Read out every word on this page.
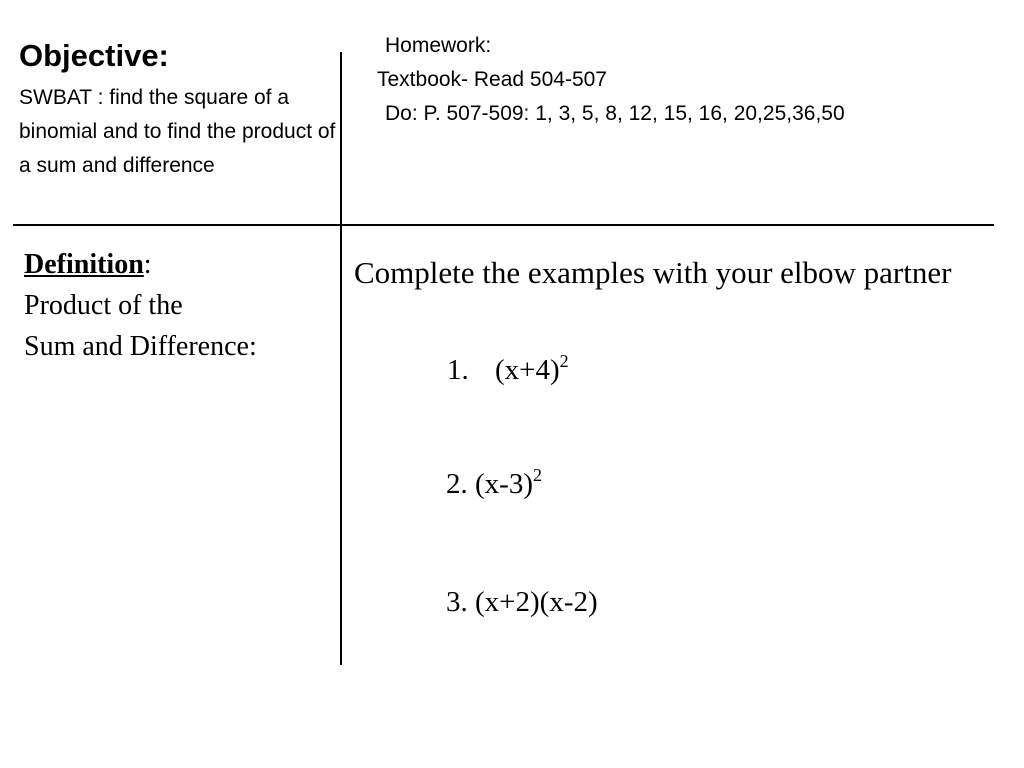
Objective:
SWBAT : find the square of a binomial and to find the product of a sum and difference
Homework:
Textbook- Read 504-507
Do: P. 507-509: 1, 3, 5, 8, 12, 15, 16, 20,25,36,50
Definition:
Product of the
Sum and Difference:
Complete the examples with your elbow partner
1. $(x+4)^2$
2. $(x-3)^2$
3. (x+2)(x-2)
